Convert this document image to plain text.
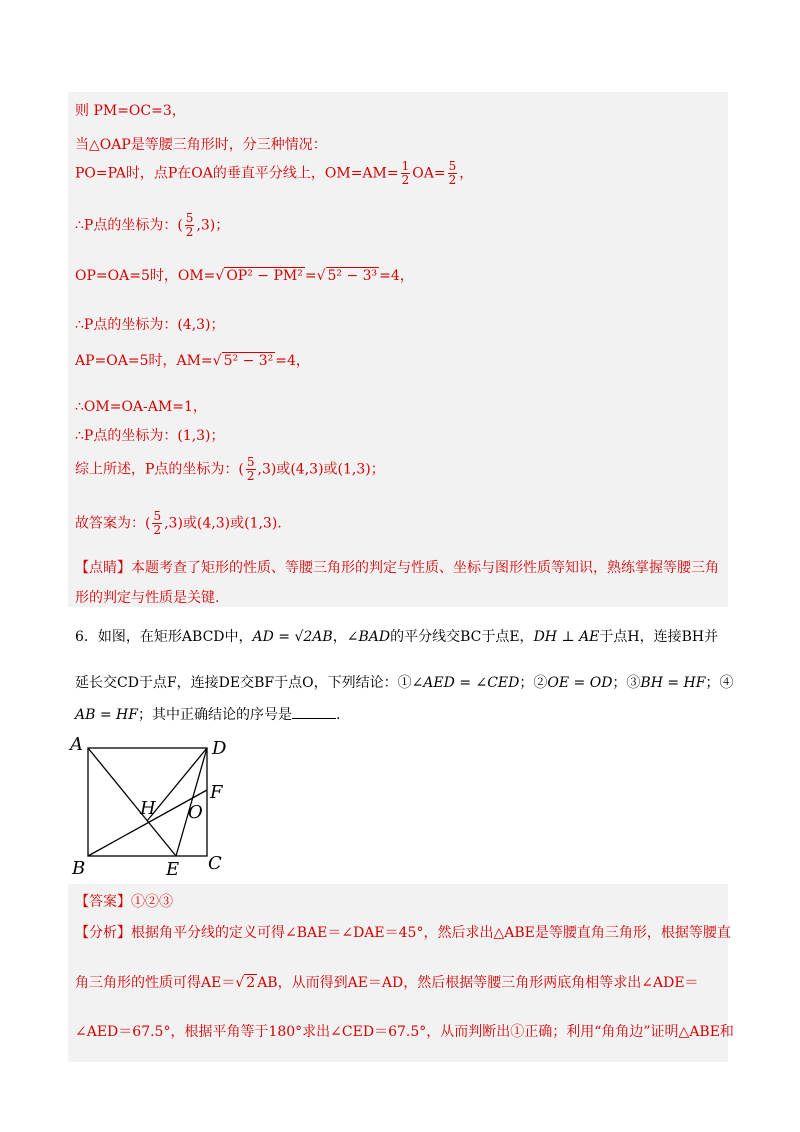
则 PM=OC=3，
当△OAP是等腰三角形时，分三种情况：
PO=PA时，点P在OA的垂直平分线上，$OM=AM= \frac{1}{2} OA= \frac{5}{2}$ ，
∴P点的坐标为：( $\frac{5}{2} ,3$)；
OP=OA=5时，OM=√ OP² − PM² =√ 5² − 3³ =4，
∴P点的坐标为：(4,3)；
AP=OA=5时，AM=√ 5² − 3² =4，
∴OM=OA-AM=1，
∴P点的坐标为：(1,3)；
综上所述，P点的坐标为：( $\frac{5}{2} ,3$)或(4,3)或(1,3)；
故答案为：( $\frac{5}{2} ,3$)或(4,3)或(1,3).
【点睛】本题考查了矩形的性质、等腰三角形的判定与性质、坐标与图形性质等知识，熟练掌握等腰三角
形的判定与性质是关键.
6．如图，在矩形ABCD中，AD = √2AB，∠BAD的平分线交BC于点E，DH ⊥ AE于点H，连接BH并
延长交CD于点F，连接DE交BF于点O，下列结论：①∠AED = ∠CED；②OE = OD；③BH = HF；④
AB = HF；其中正确结论的序号是	.
A	D
B	C
E
F
H O
【答案】①②③
【分析】根据角平分线的定义可得∠BAE＝∠DAE＝45°，然后求出△ABE是等腰直角三角形，根据等腰直
角三角形的性质可得AE＝√ 2 AB，从而得到AE＝AD，然后根据等腰三角形两底角相等求出∠ADE＝
∠AED＝67.5°，根据平角等于180°求出∠CED＝67.5°，从而判断出①正确；利用“角角边”证明△ABE和
